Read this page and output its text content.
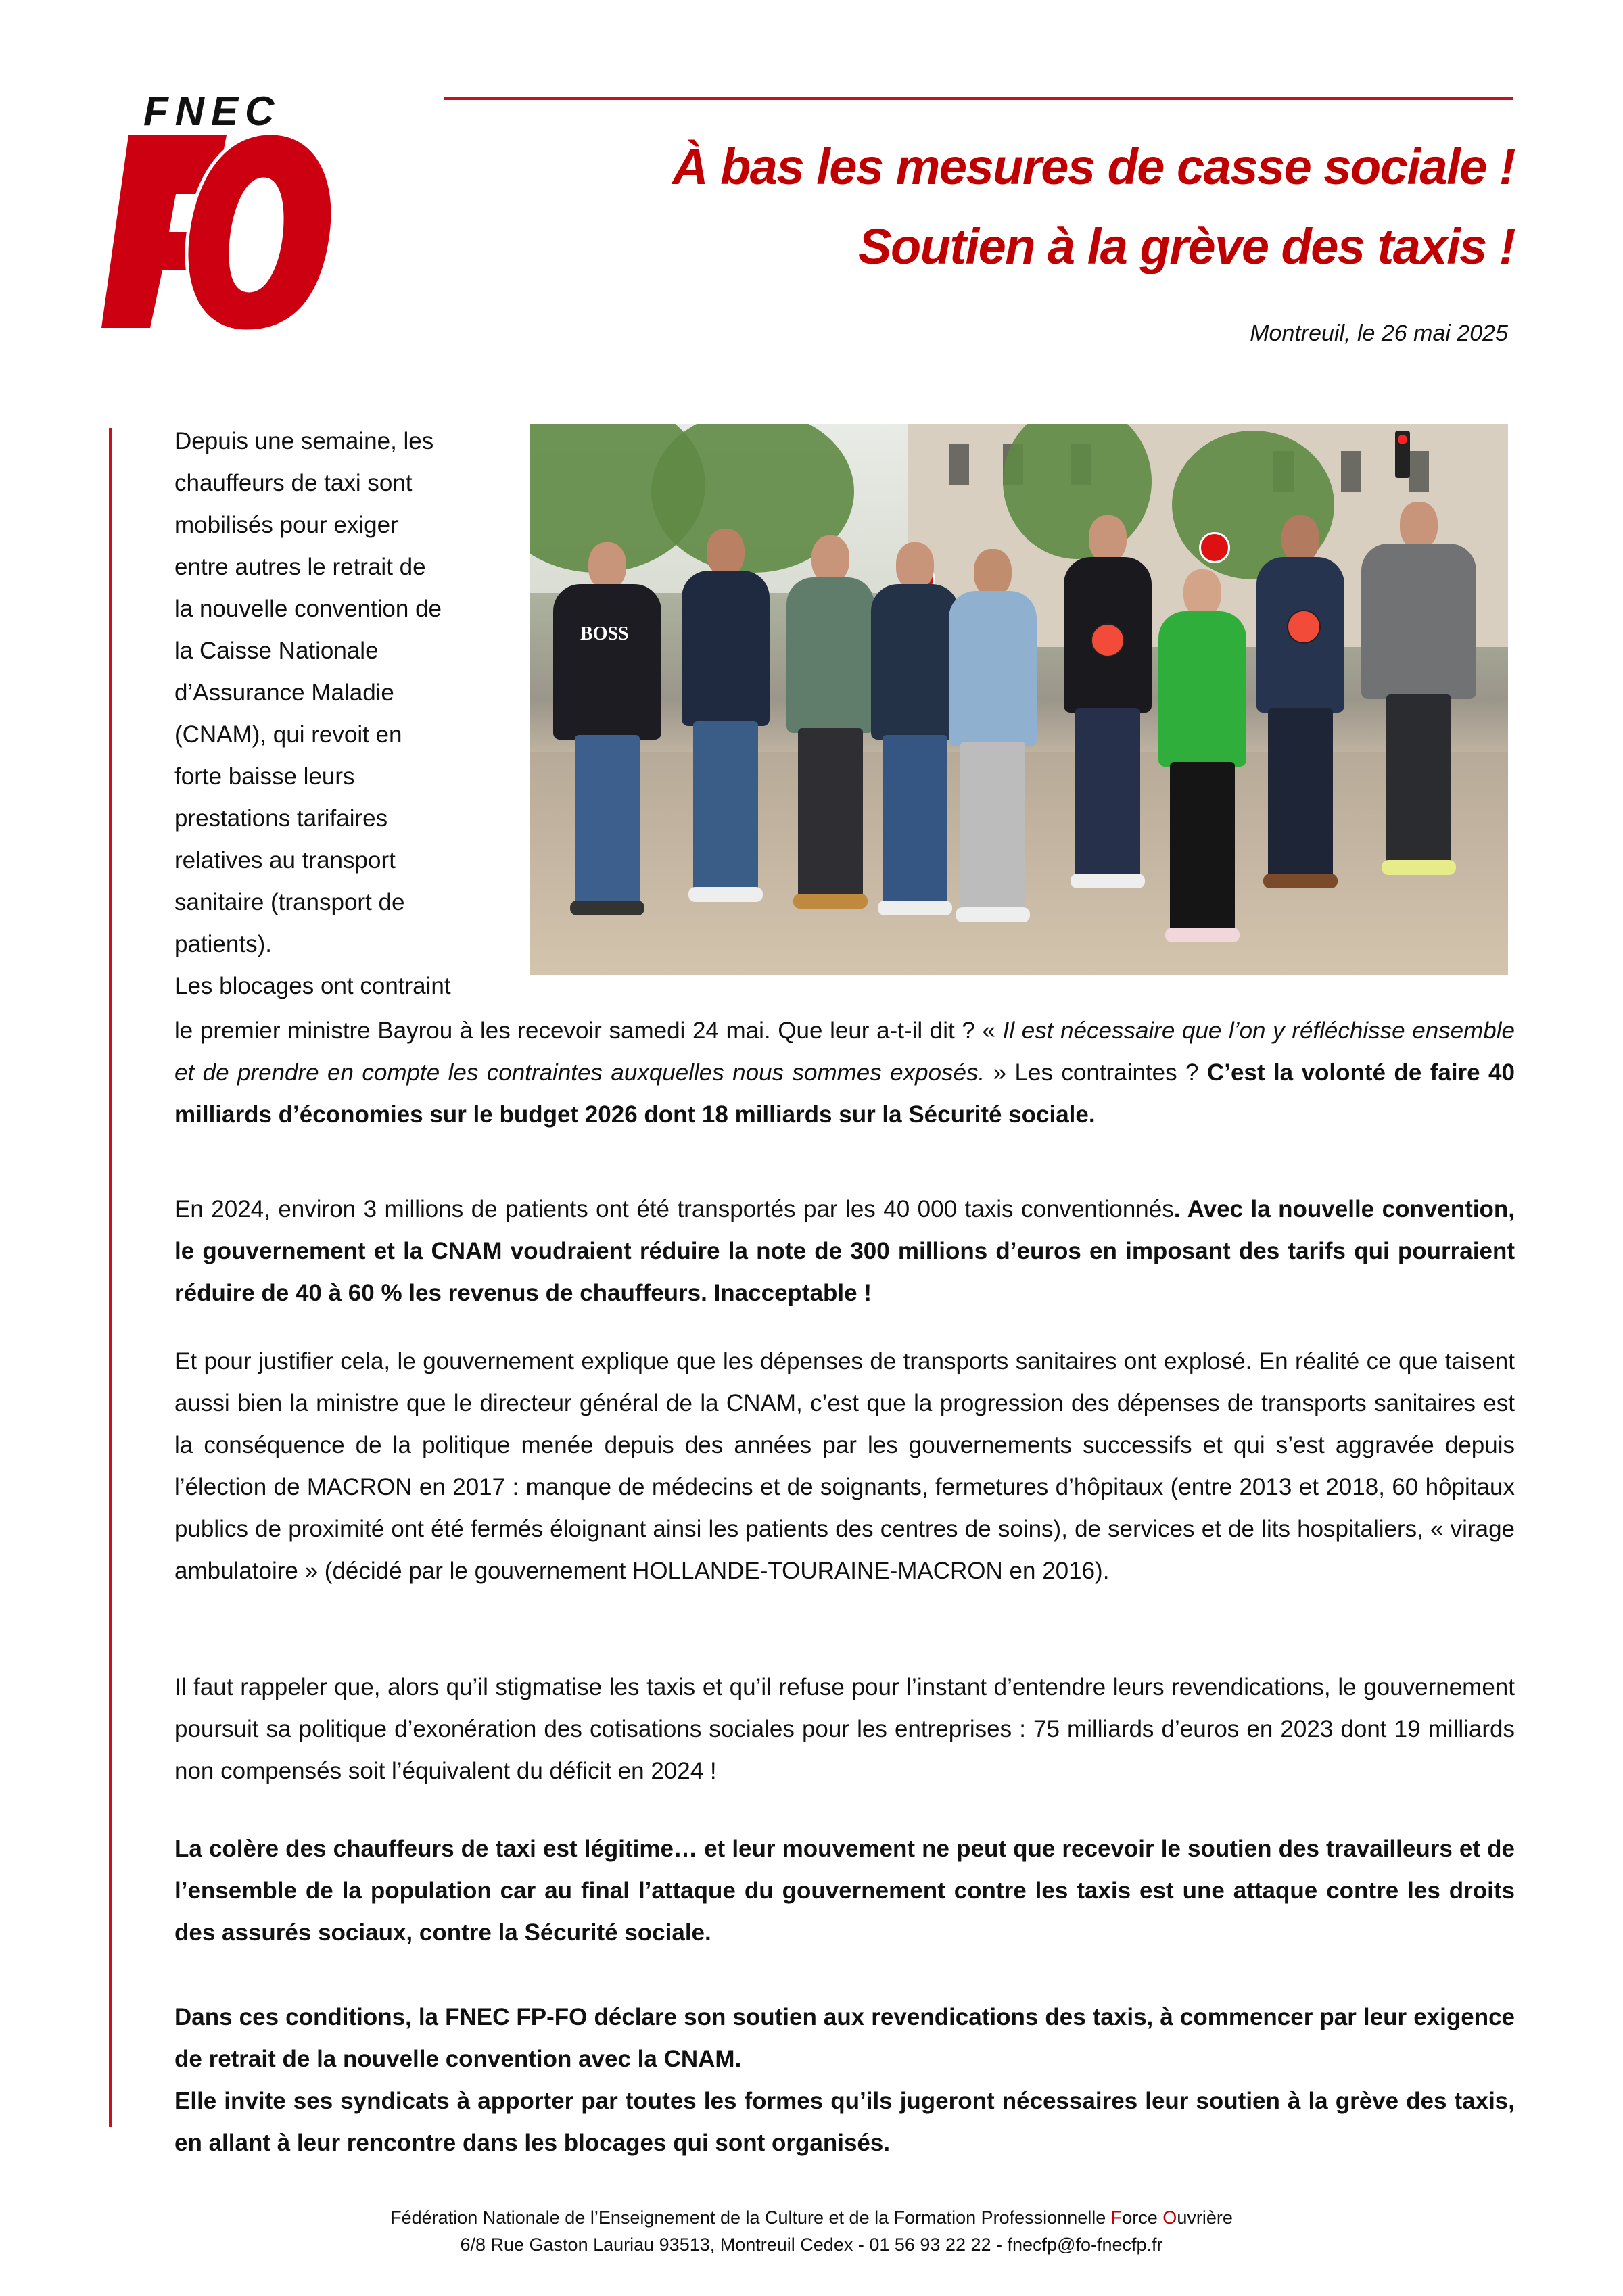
FNEC
À bas les mesures de casse sociale !
Soutien à la grève des taxis !
Montreuil, le 26 mai 2025
Depuis une semaine, les
chauffeurs de taxi sont
mobilisés pour exiger
entre autres le retrait de
la nouvelle convention de
la Caisse Nationale
d’Assurance Maladie
(CNAM), qui revoit en
forte baisse leurs
prestations tarifaires
relatives au transport
sanitaire (transport de
patients).
Les blocages ont contraint
BOSS
le premier ministre Bayrou à les recevoir samedi 24 mai. Que leur a-t-il dit ? « Il est nécessaire que l’on y réfléchisse ensemble et de prendre en compte les contraintes auxquelles nous sommes exposés. » Les contraintes ? C’est la volonté de faire 40 milliards d’économies sur le budget 2026 dont 18 milliards sur la Sécurité sociale.
En 2024, environ 3 millions de patients ont été transportés par les 40 000 taxis conventionnés. Avec la nouvelle convention, le gouvernement et la CNAM voudraient réduire la note de 300 millions d’euros en imposant des tarifs qui pourraient réduire de 40 à 60 % les revenus de chauffeurs. Inacceptable !
Et pour justifier cela, le gouvernement explique que les dépenses de transports sanitaires ont explosé. En réalité ce que taisent aussi bien la ministre que le directeur général de la CNAM, c’est que la progression des dépenses de transports sanitaires est la conséquence de la politique menée depuis des années par les gouvernements successifs et qui s’est aggravée depuis l’élection de MACRON en 2017 : manque de médecins et de soignants, fermetures d’hôpitaux (entre 2013 et 2018, 60 hôpitaux publics de proximité ont été fermés éloignant ainsi les patients des centres de soins), de services et de lits hospitaliers, « virage ambulatoire » (décidé par le gouvernement HOLLANDE-TOURAINE-MACRON en 2016).
Il faut rappeler que, alors qu’il stigmatise les taxis et qu’il refuse pour l’instant d’entendre leurs revendications, le gouvernement poursuit sa politique d’exonération des cotisations sociales pour les entreprises : 75 milliards d’euros en 2023 dont 19 milliards non compensés soit l’équivalent du déficit en 2024 !
La colère des chauffeurs de taxi est légitime… et leur mouvement ne peut que recevoir le soutien des travailleurs et de l’ensemble de la population car au final l’attaque du gouvernement contre les taxis est une attaque contre les droits des assurés sociaux, contre la Sécurité sociale.
Dans ces conditions, la FNEC FP-FO déclare son soutien aux revendications des taxis, à commencer par leur exigence de retrait de la nouvelle convention avec la CNAM.
Elle invite ses syndicats à apporter par toutes les formes qu’ils jugeront nécessaires leur soutien à la grève des taxis, en allant à leur rencontre dans les blocages qui sont organisés.
Fédération Nationale de l’Enseignement de la Culture et de la Formation Professionnelle Force Ouvrière
6/8 Rue Gaston Lauriau 93513, Montreuil Cedex - 01 56 93 22 22 - fnecfp@fo-fnecfp.fr
